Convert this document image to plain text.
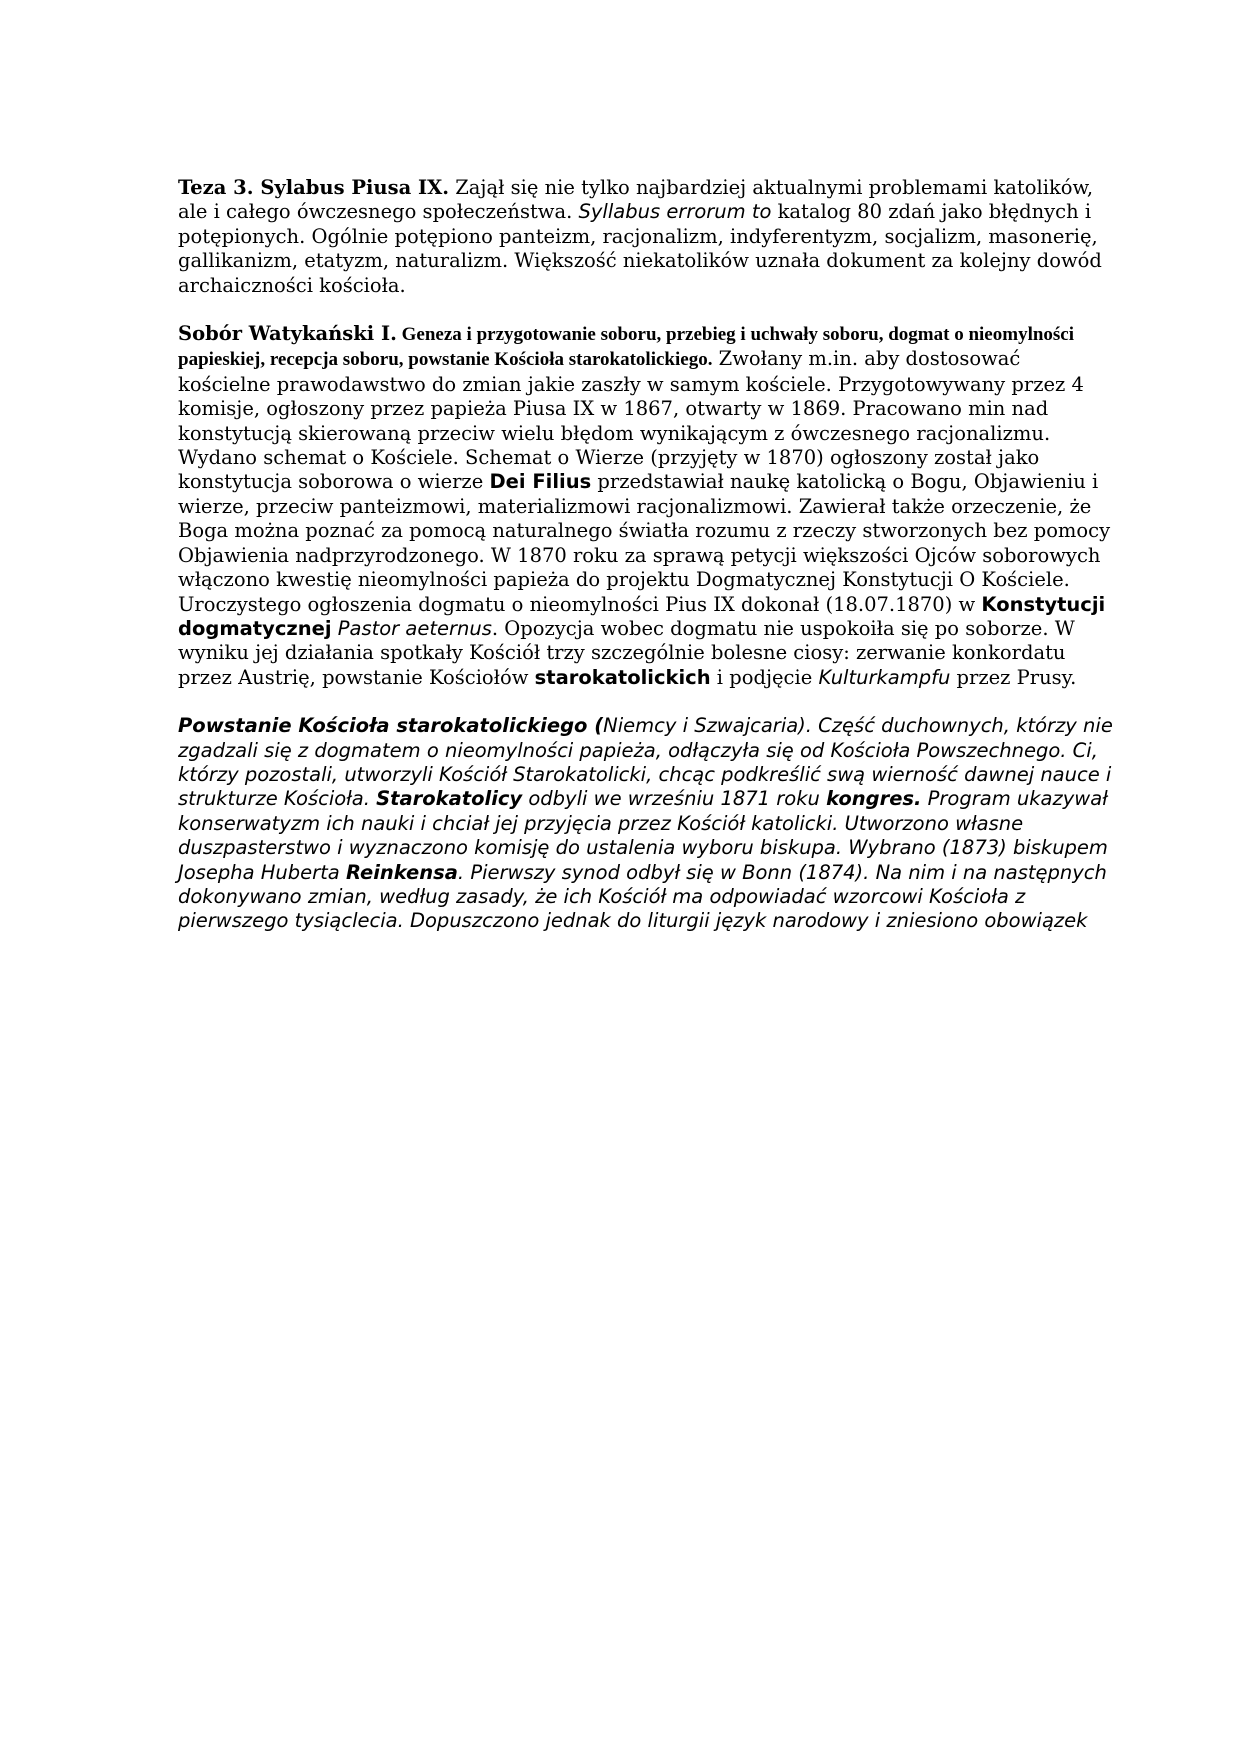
Teza 3. Sylabus Piusa IX. Zajął się nie tylko najbardziej aktualnymi problemami katolików, ale i całego ówczesnego społeczeństwa. Syllabus errorum to katalog 80 zdań jako błędnych i potępionych. Ogólnie potępiono panteizm, racjonalizm, indyferentyzm, socjalizm, masonerię, gallikanizm, etatyzm, naturalizm. Większość niekatolików uznała dokument za kolejny dowód archaiczności kościoła.

Sobór Watykański I. Geneza i przygotowanie soboru, przebieg i uchwały soboru, dogmat o nieomylności papieskiej, recepcja soboru, powstanie Kościoła starokatolickiego. Zwołany m.in. aby dostosować kościelne prawodawstwo do zmian jakie zaszły w samym kościele. Przygotowywany przez 4 komisje, ogłoszony przez papieża Piusa IX w 1867, otwarty w 1869. Pracowano min nad konstytucją skierowaną przeciw wielu błędom wynikającym z ówczesnego racjonalizmu. Wydano schemat o Kościele. Schemat o Wierze (przyjęty w 1870) ogłoszony został jako konstytucja soborowa o wierze Dei Filius przedstawiał naukę katolicką o Bogu, Objawieniu i wierze, przeciw panteizmowi, materializmowi racjonalizmowi. Zawierał także orzeczenie, że Boga można poznać za pomocą naturalnego światła rozumu z rzeczy stworzonych bez pomocy Objawienia nadprzyrodzonego. W 1870 roku za sprawą petycji większości Ojców soborowych włączono kwestię nieomylności papieża do projektu Dogmatycznej Konstytucji O Kościele. Uroczystego ogłoszenia dogmatu o nieomylności Pius IX dokonał (18.07.1870) w Konstytucji dogmatycznej Pastor aeternus. Opozycja wobec dogmatu nie uspokoiła się po soborze. W wyniku jej działania spotkały Kościół trzy szczególnie bolesne ciosy: zerwanie konkordatu przez Austrię, powstanie Kościołów starokatolickich i podjęcie Kulturkampfu przez Prusy.

Powstanie Kościoła starokatolickiego (Niemcy i Szwajcaria). Część duchownych, którzy nie zgadzali się z dogmatem o nieomylności papieża, odłączyła się od Kościoła Powszechnego. Ci, którzy pozostali, utworzyli Kościół Starokatolicki, chcąc podkreślić swą wierność dawnej nauce i strukturze Kościoła. Starokatolicy odbyli we wrześniu 1871 roku kongres. Program ukazywał konserwatyzm ich nauki i chciał jej przyjęcia przez Kościół katolicki. Utworzono własne duszpasterstwo i wyznaczono komisję do ustalenia wyboru biskupa. Wybrano (1873) biskupem Josepha Huberta Reinkensa. Pierwszy synod odbył się w Bonn (1874). Na nim i na następnych dokonywano zmian, według zasady, że ich Kościół ma odpowiadać wzorcowi Kościoła z pierwszego tysiąclecia. Dopuszczono jednak do liturgii język narodowy i zniesiono obowiązek
